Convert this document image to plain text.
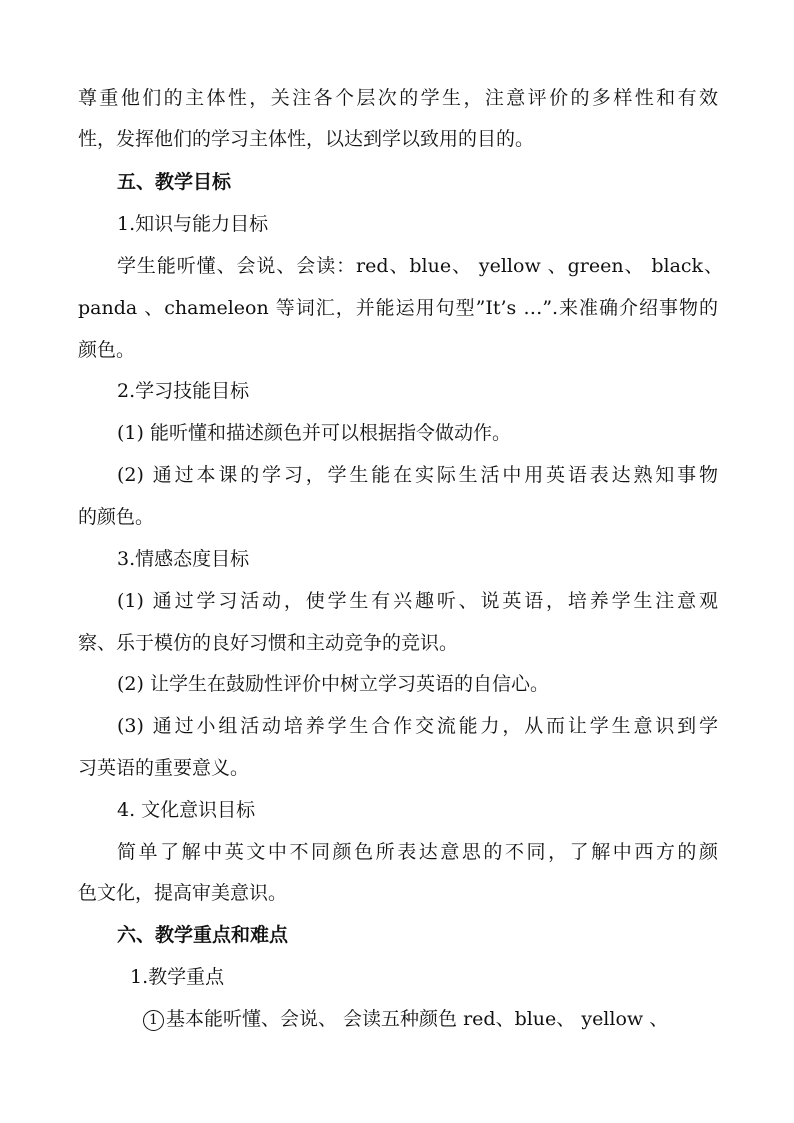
尊重他们的主体性，关注各个层次的学生，注意评价的多样性和有效
性，发挥他们的学习主体性，以达到学以致用的目的。
五、教学目标
1.知识与能力目标
学生能听懂、会说、会读：red、blue、 yellow 、green、 black、
panda 、chameleon 等词汇，并能运用句型”It’s …”.来准确介绍事物的
颜色。
2.学习技能目标
(1) 能听懂和描述颜色并可以根据指令做动作。
(2) 通过本课的学习，学生能在实际生活中用英语表达熟知事物
的颜色。
3.情感态度目标
(1) 通过学习活动，使学生有兴趣听、说英语，培养学生注意观
察、乐于模仿的良好习惯和主动竞争的竞识。
(2) 让学生在鼓励性评价中树立学习英语的自信心。
(3) 通过小组活动培养学生合作交流能力，从而让学生意识到学
习英语的重要意义。
4. 文化意识目标
简单了解中英文中不同颜色所表达意思的不同，了解中西方的颜
色文化，提高审美意识。
六、教学重点和难点
1.教学重点
1 基本能听懂、会说、 会读五种颜色 red、blue、 yellow 、
